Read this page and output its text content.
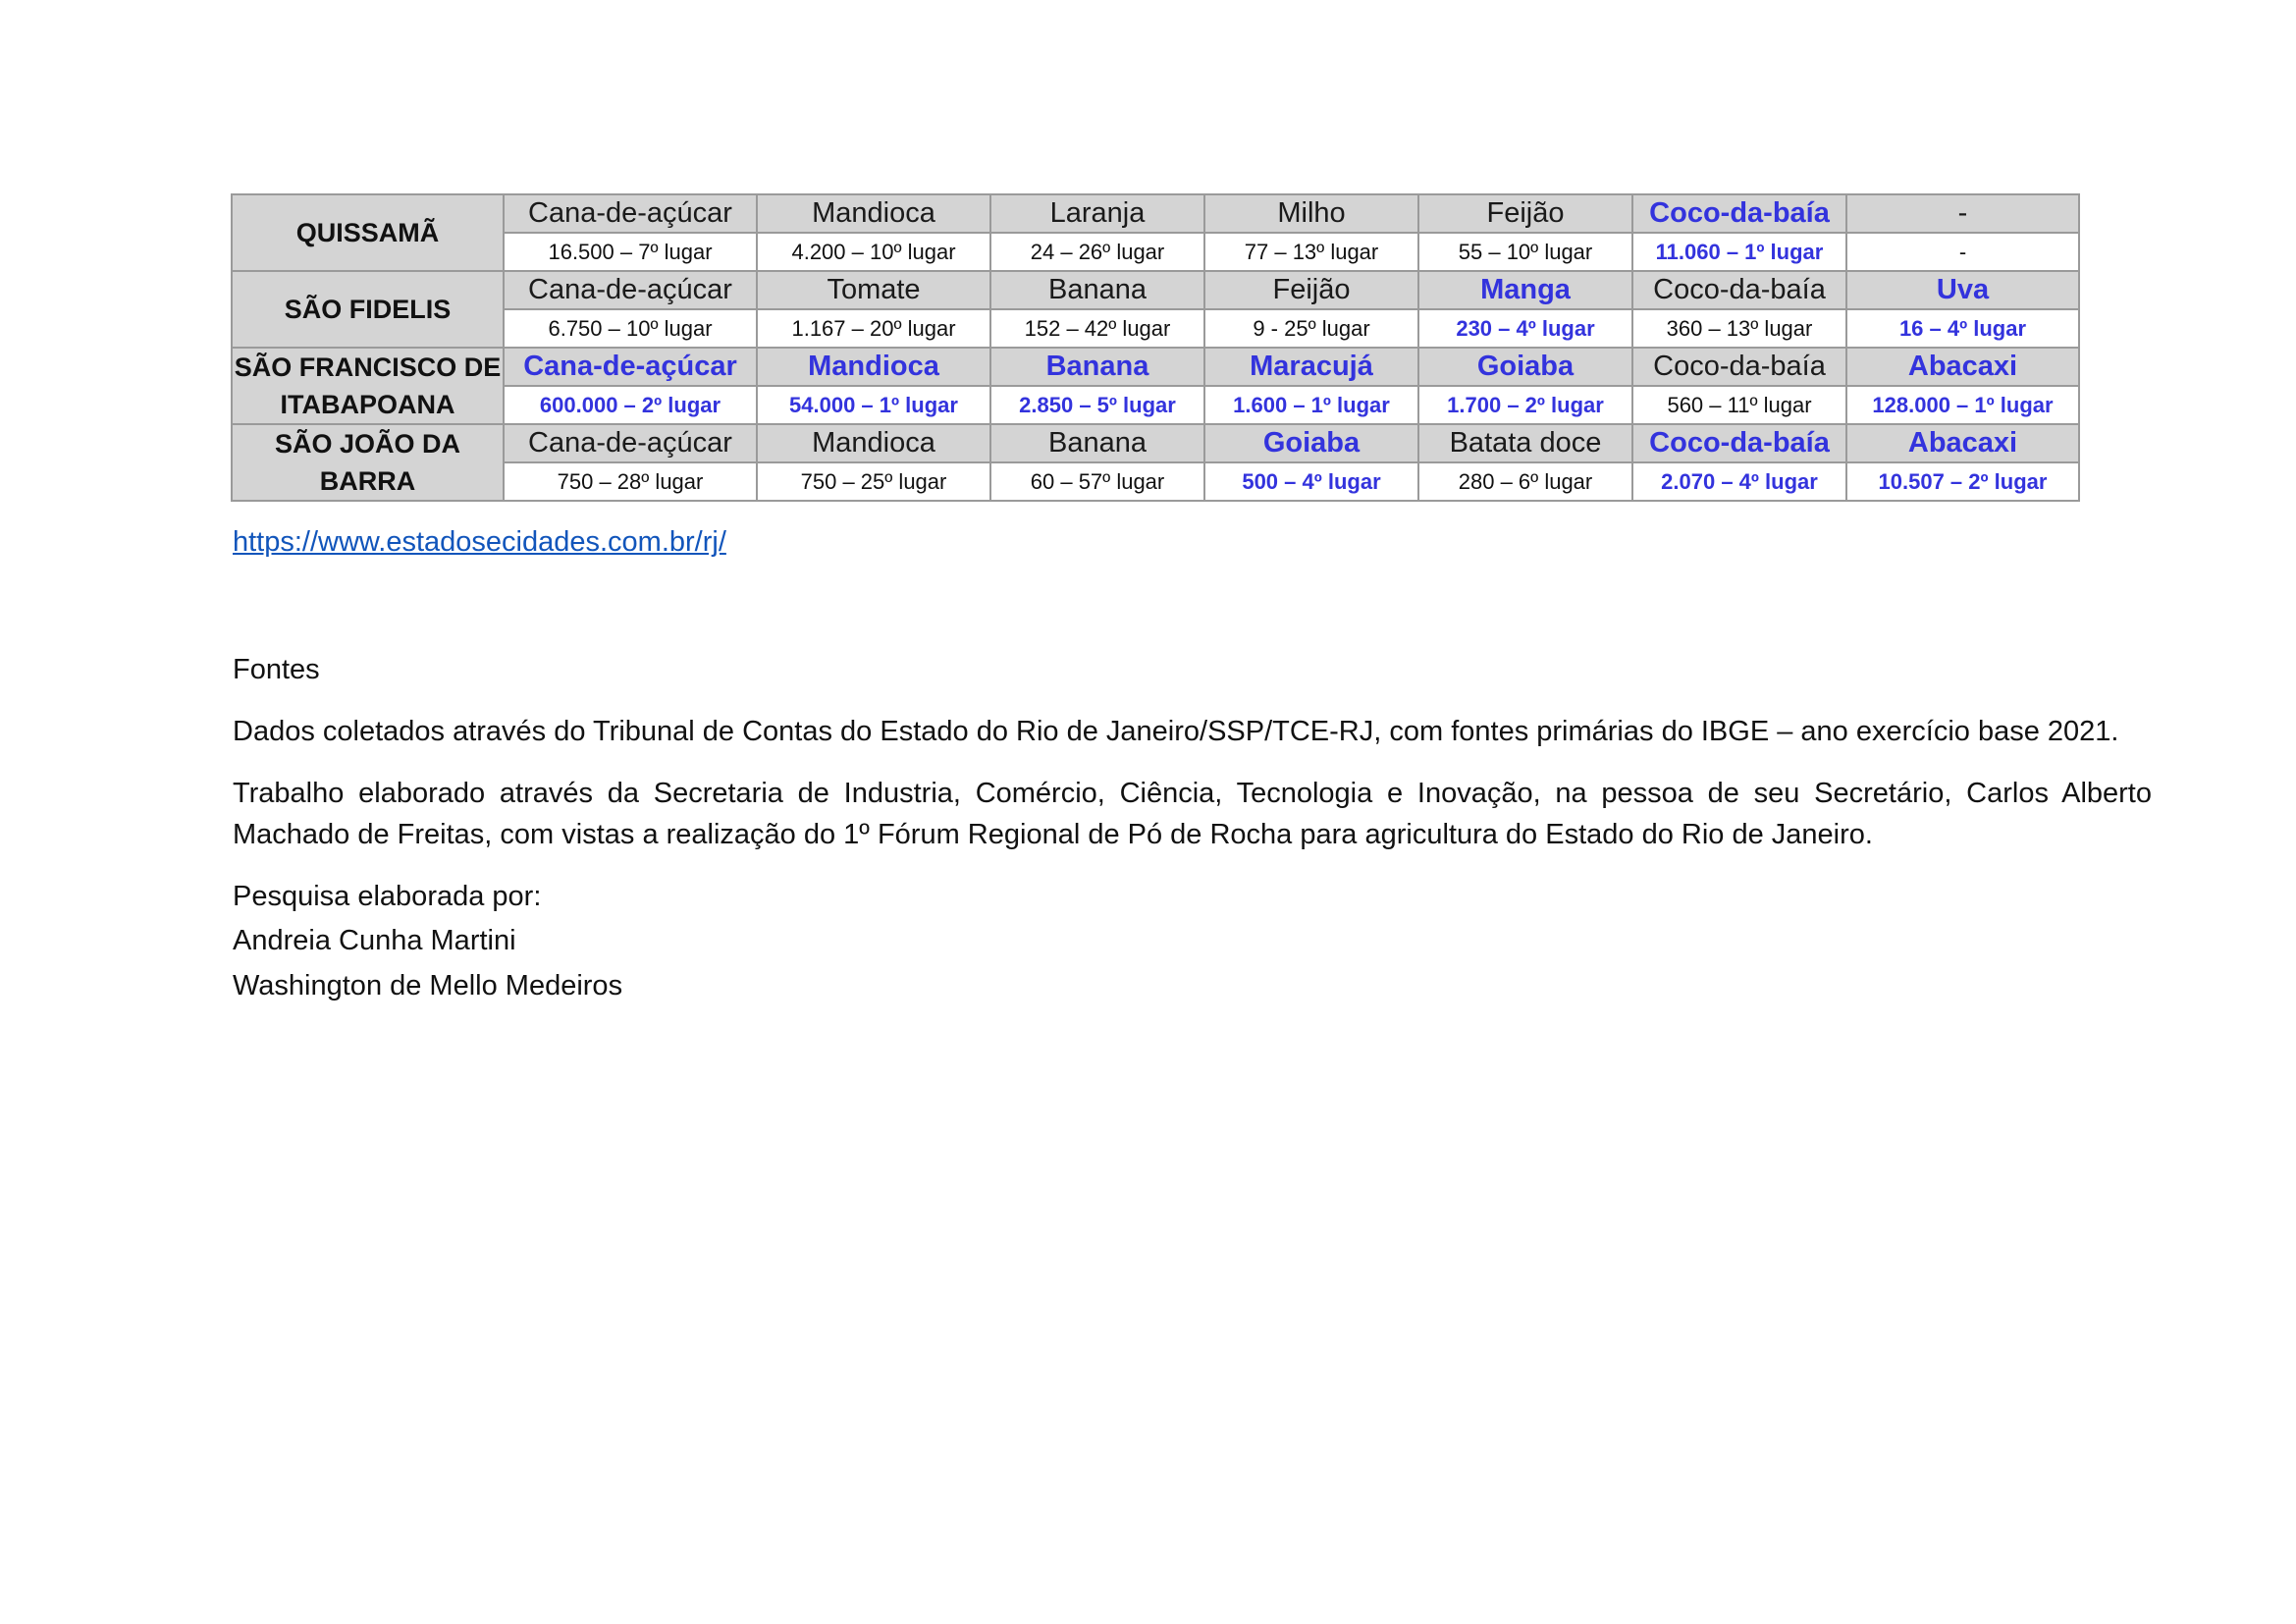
QUISSAMÃ	Cana-de-açúcar	Mandioca	Laranja	Milho	Feijão	Coco-da-baía	-
	16.500 – 7º lugar	4.200 – 10º lugar	24 – 26º lugar	77 – 13º lugar	55 – 10º lugar	11.060 – 1º lugar	-
SÃO FIDELIS	Cana-de-açúcar	Tomate	Banana	Feijão	Manga	Coco-da-baía	Uva
	6.750 – 10º lugar	1.167 – 20º lugar	152 – 42º lugar	9 - 25º lugar	230 – 4º lugar	360 – 13º lugar	16 – 4º lugar
SÃO FRANCISCO DE ITABAPOANA	Cana-de-açúcar	Mandioca	Banana	Maracujá	Goiaba	Coco-da-baía	Abacaxi
	600.000 – 2º lugar	54.000 – 1º lugar	2.850 – 5º lugar	1.600 – 1º lugar	1.700 – 2º lugar	560 – 11º lugar	128.000 – 1º lugar
SÃO JOÃO DA BARRA	Cana-de-açúcar	Mandioca	Banana	Goiaba	Batata doce	Coco-da-baía	Abacaxi
	750 – 28º lugar	750 – 25º lugar	60 – 57º lugar	500 – 4º lugar	280 – 6º lugar	2.070 – 4º lugar	10.507 – 2º lugar
https://www.estadosecidades.com.br/rj/
Fontes
Dados coletados através do Tribunal de Contas do Estado do Rio de Janeiro/SSP/TCE-RJ, com fontes primárias do IBGE – ano exercício base 2021.
Trabalho elaborado através da Secretaria de Industria, Comércio, Ciência, Tecnologia e Inovação, na pessoa de seu Secretário, Carlos Alberto Machado de Freitas, com vistas a realização do 1º Fórum Regional de Pó de Rocha para agricultura do Estado do Rio de Janeiro.
Pesquisa elaborada por:
Andreia Cunha Martini
Washington de Mello Medeiros
